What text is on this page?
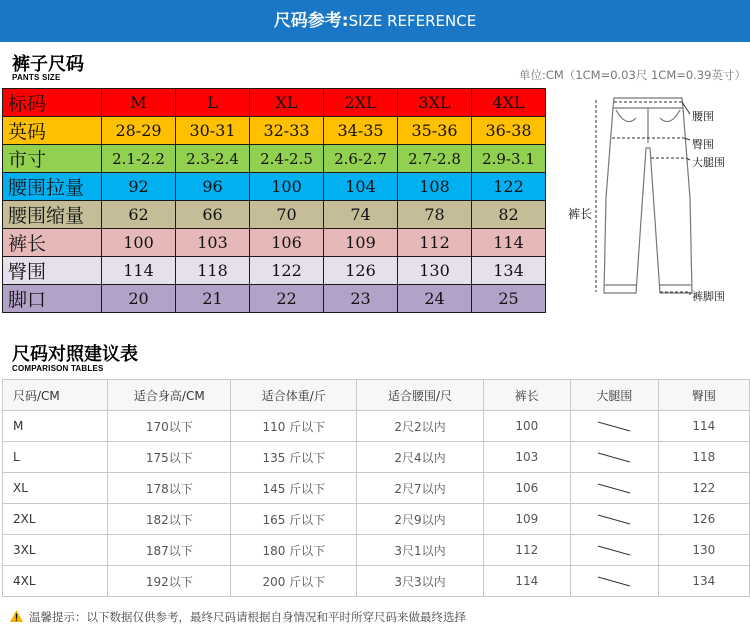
尺码参考:SIZE REFERENCE
裤子尺码
PANTS SIZE	单位:CM（1CM=0.03尺 1CM=0.39英寸）
标码	M	L	XL	2XL	3XL	4XL
英码	28-29	30-31	32-33	34-35	35-36	36-38
市寸	2.1-2.2	2.3-2.4	2.4-2.5	2.6-2.7	2.7-2.8	2.9-3.1
腰围拉量	92	96	100	104	108	122
腰围缩量	62	66	70	74	78	82
裤长	100	103	106	109	112	114
臀围	114	118	122	126	130	134
脚口	20	21	22	23	24	25
腰围
臀围
大腿围
裤长
裤脚围
尺码对照建议表
COMPARISON TABLES
尺码/CM	适合身高/CM	适合体重/斤	适合腰围/尺	裤长	大腿围	臀围
M	170以下	110 斤以下	2尺2以内	100		114
L	175以下	135 斤以下	2尺4以内	103		118
XL	178以下	145 斤以下	2尺7以内	106		122
2XL	182以下	165 斤以下	2尺9以内	109		126
3XL	187以下	180 斤以下	3尺1以内	112		130
4XL	192以下	200 斤以下	3尺3以内	114		134
温馨提示：以下数据仅供参考，最终尺码请根据自身情况和平时所穿尺码来做最终选择
